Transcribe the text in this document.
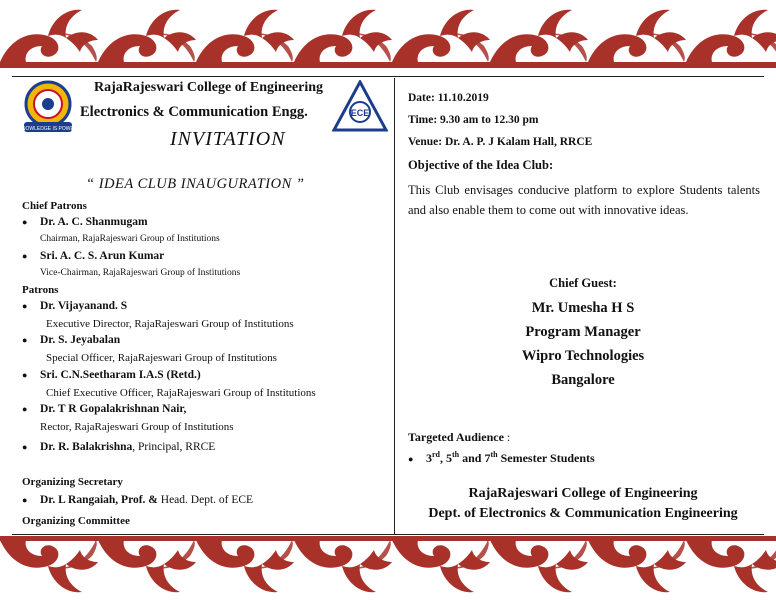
KNOWLEDGE IS POWER
RajaRajeswari College of Engineering
Electronics & Communication Engg.	ECE
INVITATION
“ IDEA CLUB INAUGURATION ”
Chief Patrons
● Dr. A. C. Shanmugam
Chairman, RajaRajeswari Group of Institutions
● Sri. A. C. S. Arun Kumar
Vice-Chairman, RajaRajeswari Group of Institutions
Patrons
● Dr. Vijayanand. S
Executive Director, RajaRajeswari Group of Institutions
● Dr. S. Jeyabalan
Special Officer, RajaRajeswari Group of Institutions
● Sri. C.N.Seetharam I.A.S (Retd.)
Chief Executive Officer, RajaRajeswari Group of Institutions
● Dr. T R Gopalakrishnan Nair,
Rector, RajaRajeswari Group of Institutions
● Dr. R. Balakrishna, Principal, RRCE
Organizing Secretary
● Dr. L Rangaiah, Prof. & Head. Dept. of ECE
Organizing Committee
Date: 11.10.2019
Time: 9.30 am to 12.30 pm
Venue: Dr. A. P. J Kalam Hall, RRCE
Objective of the Idea Club:
This Club envisages conducive platform to explore Students talents and also enable them to come out with innovative ideas.
Chief Guest:
Mr. Umesha H S
Program Manager
Wipro Technologies
Bangalore
Targeted Audience :
● 3rd, 5th and 7th Semester Students
RajaRajeswari College of Engineering
Dept. of Electronics & Communication Engineering
